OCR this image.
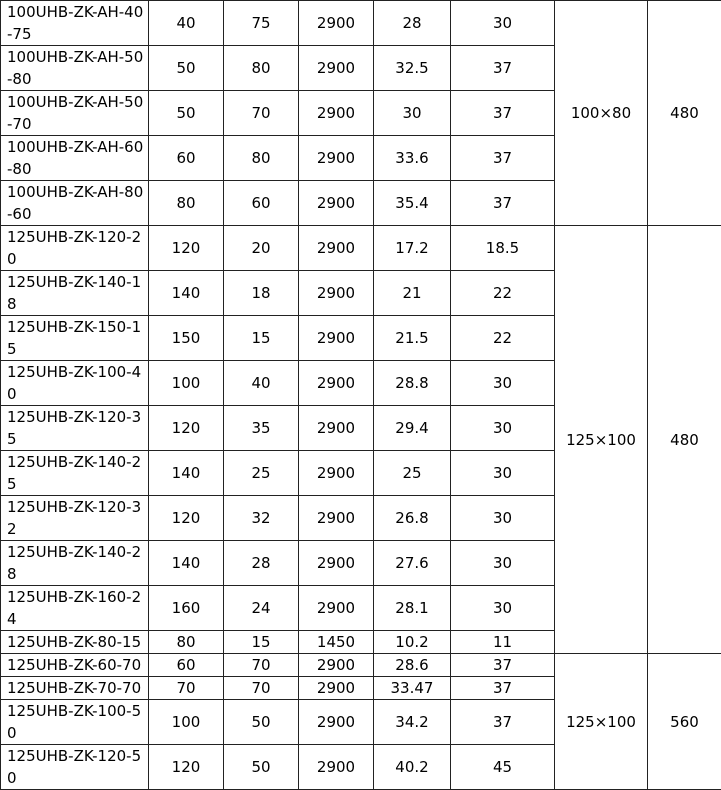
100UHB-ZK-AH-40-75	40	75	2900	28	30	100×80	480
100UHB-ZK-AH-50-80	50	80	2900	32.5	37		
100UHB-ZK-AH-50-70	50	70	2900	30	37		
100UHB-ZK-AH-60-80	60	80	2900	33.6	37		
100UHB-ZK-AH-80-60	80	60	2900	35.4	37		
125UHB-ZK-120-20	120	20	2900	17.2	18.5	125×100	480
125UHB-ZK-140-18	140	18	2900	21	22		
125UHB-ZK-150-15	150	15	2900	21.5	22		
125UHB-ZK-100-40	100	40	2900	28.8	30		
125UHB-ZK-120-35	120	35	2900	29.4	30		
125UHB-ZK-140-25	140	25	2900	25	30		
125UHB-ZK-120-32	120	32	2900	26.8	30		
125UHB-ZK-140-28	140	28	2900	27.6	30		
125UHB-ZK-160-24	160	24	2900	28.1	30		
125UHB-ZK-80-15	80	15	1450	10.2	11		
125UHB-ZK-60-70	60	70	2900	28.6	37	125×100	560
125UHB-ZK-70-70	70	70	2900	33.47	37		
125UHB-ZK-100-50	100	50	2900	34.2	37		
125UHB-ZK-120-50	120	50	2900	40.2	45		
